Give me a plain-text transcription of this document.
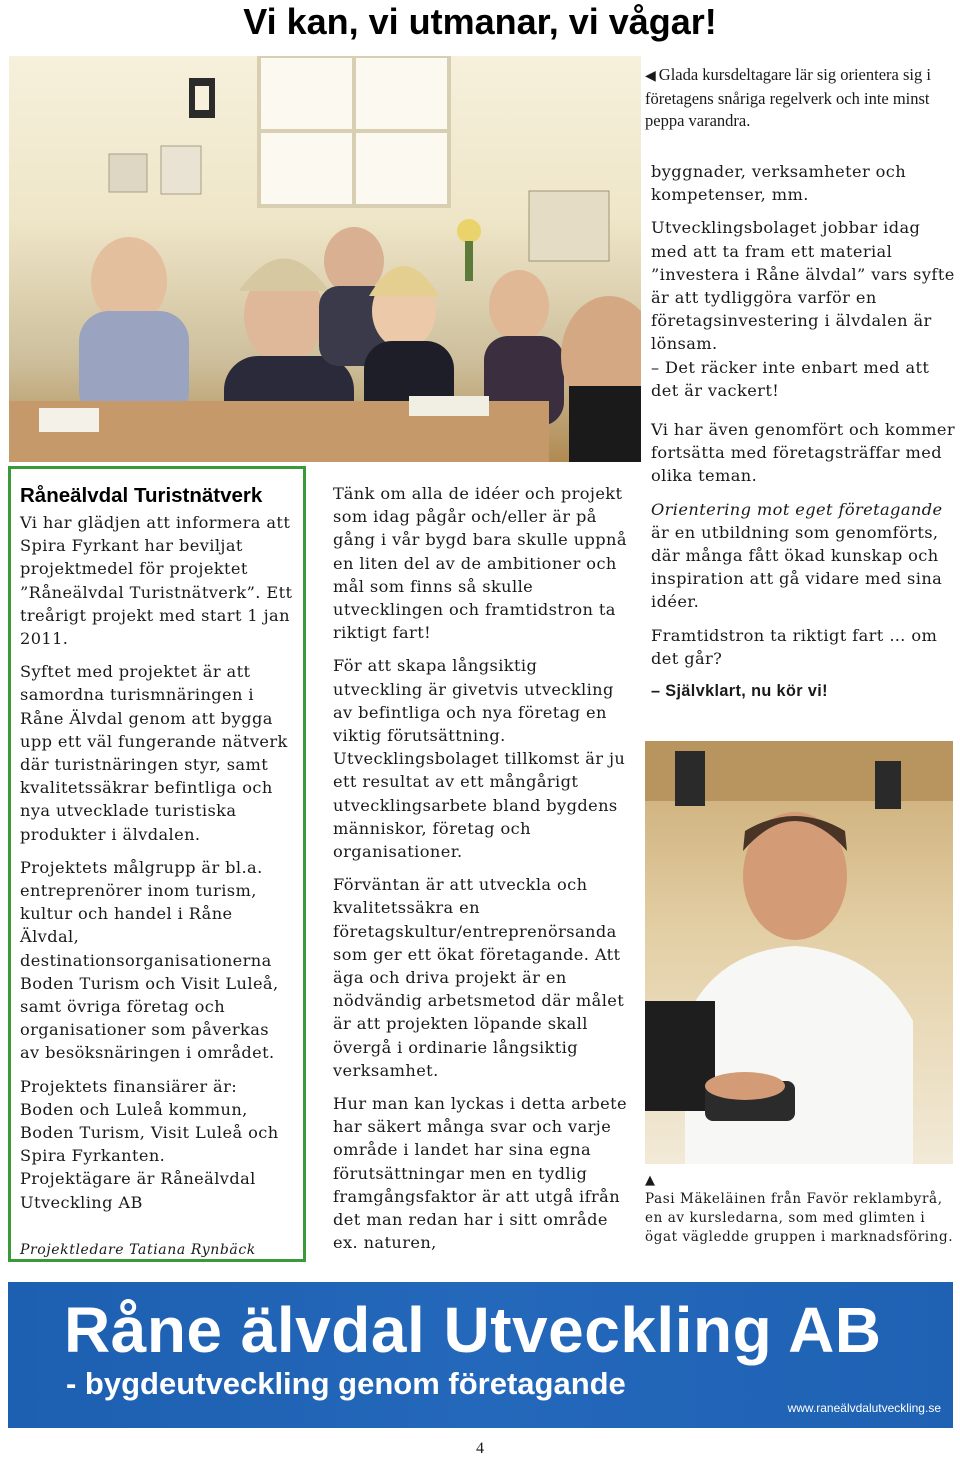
Vi kan, vi utmanar, vi vågar!
◀ Glada kursdeltagare lär sig orientera sig i företagens snåriga regelverk och inte minst peppa varandra.

byggnader, verksamheter och kompetenser, mm.

Utvecklingsbolaget jobbar idag med att ta fram ett material ”investera i Råne älvdal” vars syfte är att tydliggöra varför en företagsinvestering i älvdalen är lönsam.

– Det räcker inte enbart med att det är vackert!

Vi har även genomfört och kommer fortsätta med företagsträffar med olika teman.

Orientering mot eget företagande är en utbildning som genomförts, där många fått ökad kunskap och inspiration att gå vidare med sina idéer.

Framtidstron ta riktigt fart … om det går?

– Självklart, nu kör vi!

Råneälvdal Turistnätverk

Vi har glädjen att informera att Spira Fyrkant har beviljat projektmedel för projektet ”Råneälvdal Turistnätverk”. Ett treårigt projekt med start 1 jan 2011.

Syftet med projektet är att samordna turismnäringen i Råne Älvdal genom att bygga upp ett väl fungerande nätverk där turistnäringen styr, samt kvalitetssäkrar befintliga och nya utvecklade turistiska produkter i älvdalen.

Projektets målgrupp är bl.a.

entreprenörer inom turism, kultur och handel i Råne Älvdal, destinationsorganisationerna Boden Turism och Visit Luleå, samt övriga företag och organisationer som påverkas av besöksnäringen i området.

Projektets finansiärer är: Boden och Luleå kommun, Boden Turism, Visit Luleå och Spira Fyrkanten.

Projektägare är Råneälvdal Utveckling AB

Projektledare Tatiana Rynbäck

Tänk om alla de idéer och projekt som idag pågår och/eller är på gång i vår bygd bara skulle uppnå en liten del av de ambitioner och mål som finns så skulle utvecklingen och framtidstron ta riktigt fart!

För att skapa långsiktig utveckling är givetvis utveckling av befintliga och nya företag en viktig förutsättning. Utvecklingsbolaget tillkomst är ju ett resultat av ett mångårigt utvecklingsarbete bland bygdens människor, företag och organisationer.

Förväntan är att utveckla och kvalitetssäkra en företagskultur/entreprenörsanda som ger ett ökat företagande. Att äga och driva projekt är en nödvändig arbetsmetod där målet är att projekten löpande skall övergå i ordinarie långsiktig verksamhet.

Hur man kan lyckas i detta arbete har säkert många svar och varje område i landet har sina egna förutsättningar men en tydlig framgångsfaktor är att utgå ifrån det man redan har i sitt område ex. naturen,

▲
Pasi Mäkeläinen från Favör reklambyrå, en av kursledarna, som med glimten i ögat vägledde gruppen i marknadsföring.
Råne älvdal Utveckling AB
- bygdeutveckling genom företagande
www.raneälvdalutveckling.se
4
